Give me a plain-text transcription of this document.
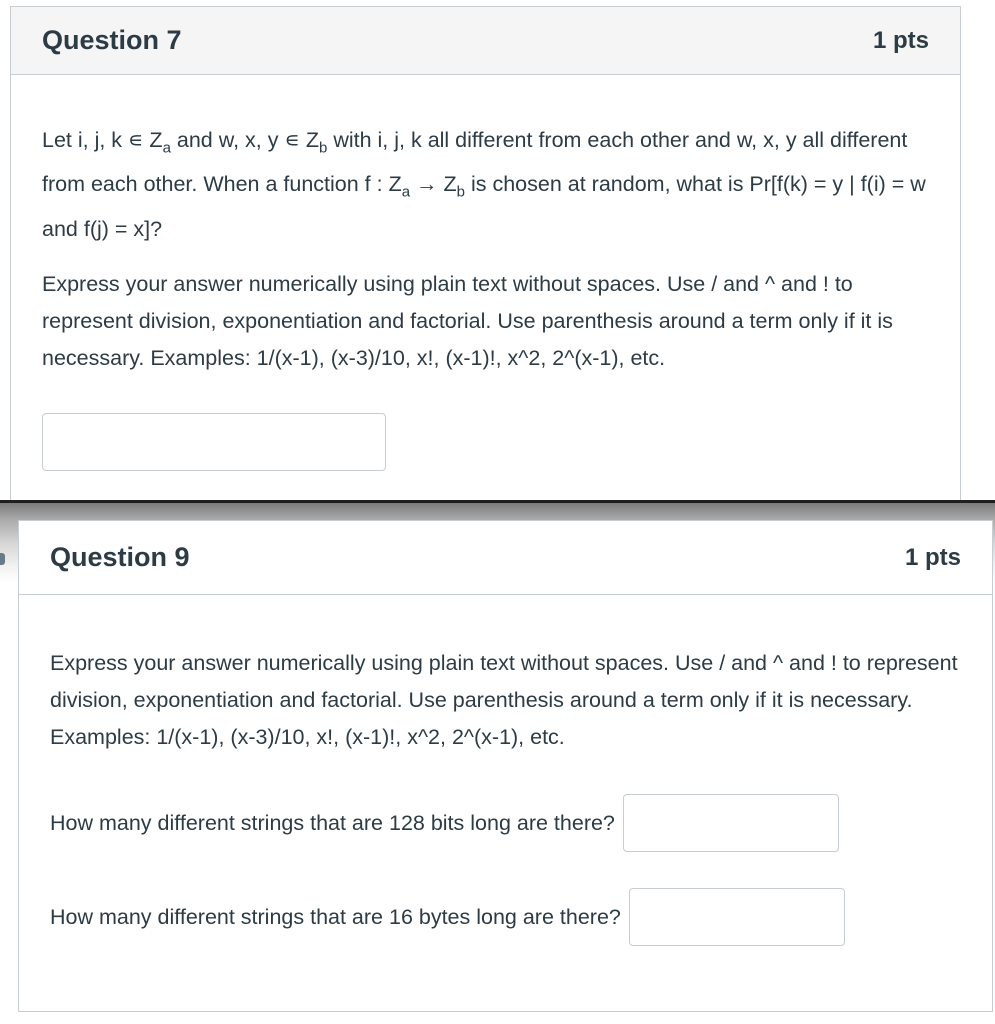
Question 7	1 pts

Let i, j, k ∊ $Z_a$ and w, x, y ∊ $Z_b$ with i, j, k all different from each other and w, x, y all different from each other. When a function f : $Z_a \to Z_b$ is chosen at random, what is Pr[f(k) = y | f(i) = w and f(j) = x]?

Express your answer numerically using plain text without spaces. Use / and ^ and ! to represent division, exponentiation and factorial. Use parenthesis around a term only if it is necessary. Examples: 1/(x-1), (x-3)/10, x!, (x-1)!, x^2, 2^(x-1), etc.

Question 9	1 pts

Express your answer numerically using plain text without spaces. Use / and ^ and ! to represent division, exponentiation and factorial. Use parenthesis around a term only if it is necessary. Examples: 1/(x-1), (x-3)/10, x!, (x-1)!, x^2, 2^(x-1), etc.

How many different strings that are 128 bits long are there?
How many different strings that are 16 bytes long are there?
